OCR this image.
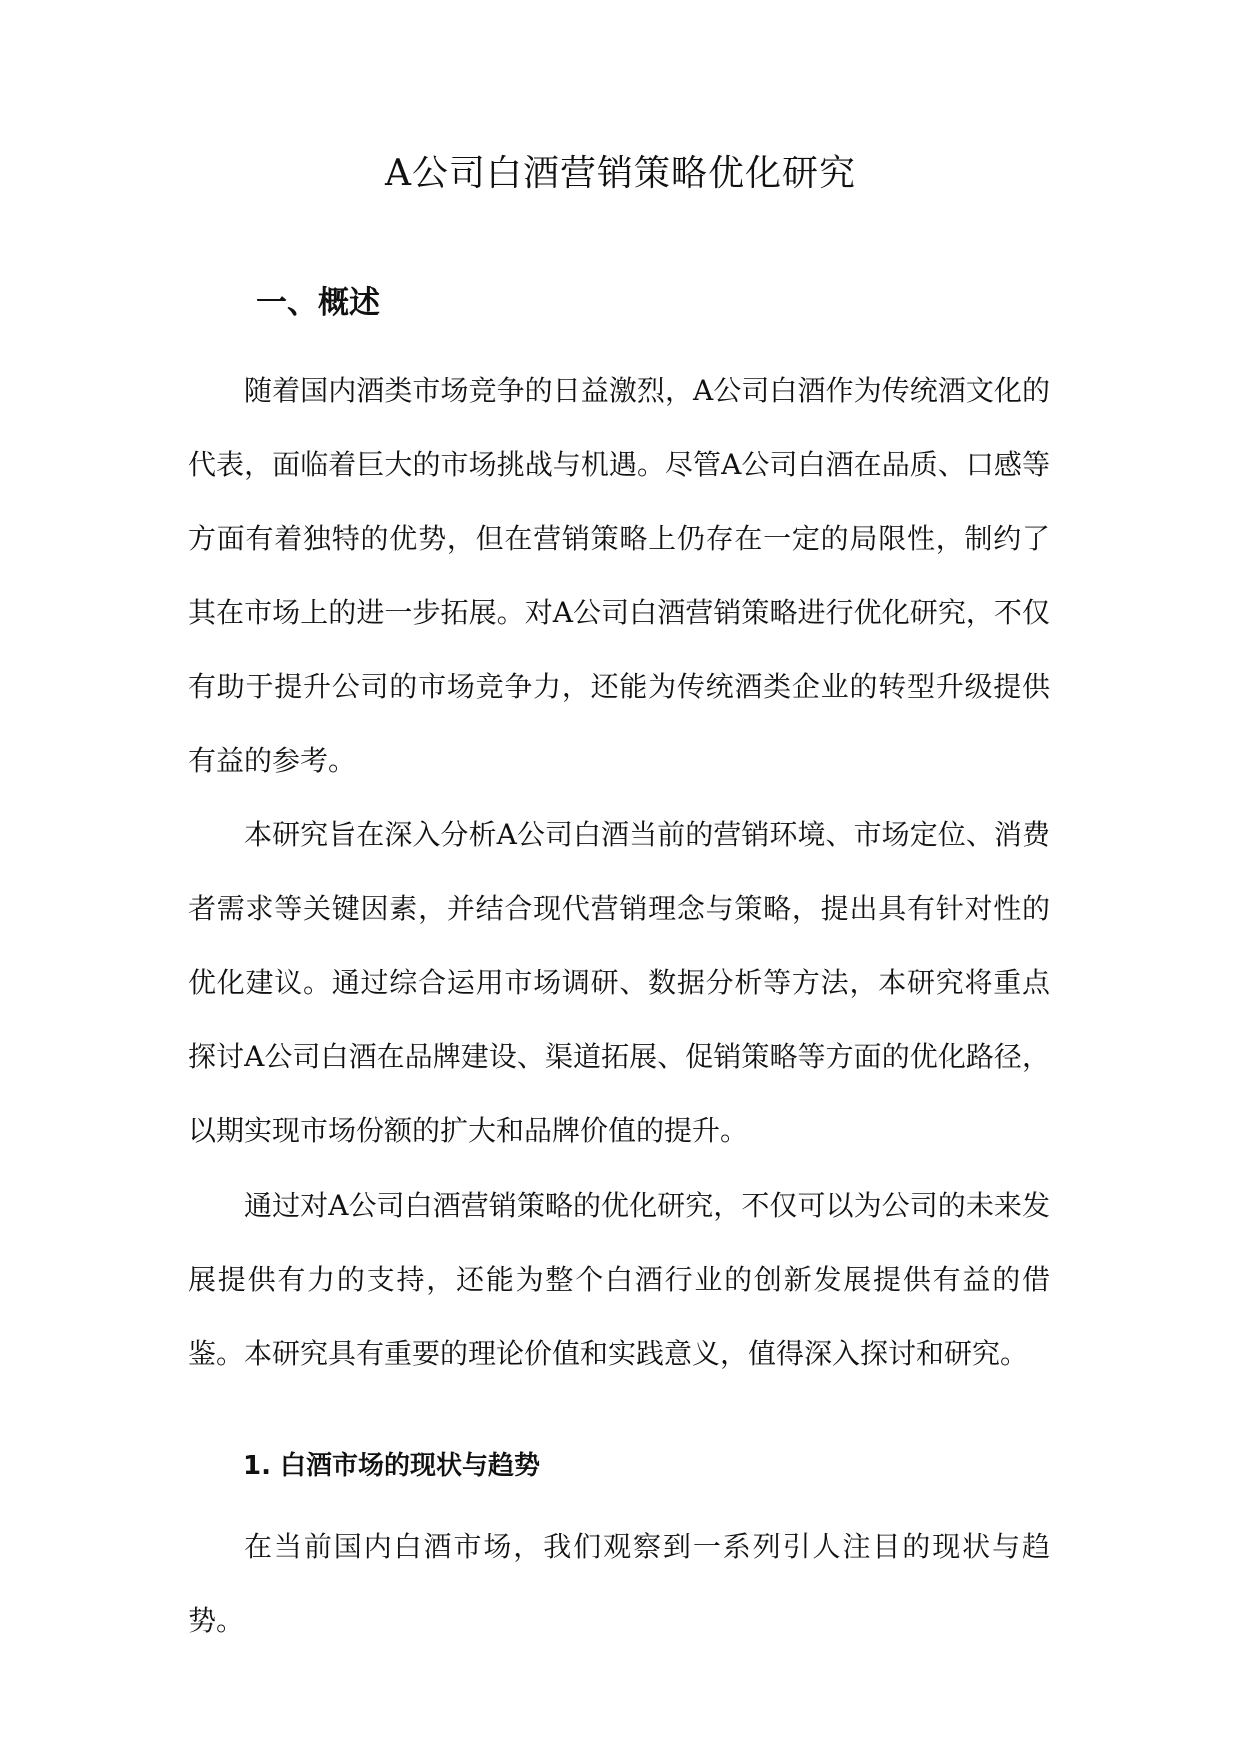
A公司白酒营销策略优化研究
一、概述

随着国内酒类市场竞争的日益激烈，A公司白酒作为传统酒文化的代表，面临着巨大的市场挑战与机遇。尽管A公司白酒在品质、口感等方面有着独特的优势，但在营销策略上仍存在一定的局限性，制约了其在市场上的进一步拓展。对A公司白酒营销策略进行优化研究，不仅有助于提升公司的市场竞争力，还能为传统酒类企业的转型升级提供有益的参考。

本研究旨在深入分析A公司白酒当前的营销环境、市场定位、消费者需求等关键因素，并结合现代营销理念与策略，提出具有针对性的优化建议。通过综合运用市场调研、数据分析等方法，本研究将重点探讨A公司白酒在品牌建设、渠道拓展、促销策略等方面的优化路径，以期实现市场份额的扩大和品牌价值的提升。

通过对A公司白酒营销策略的优化研究，不仅可以为公司的未来发展提供有力的支持，还能为整个白酒行业的创新发展提供有益的借鉴。本研究具有重要的理论价值和实践意义，值得深入探讨和研究。

1. 白酒市场的现状与趋势

在当前国内白酒市场，我们观察到一系列引人注目的现状与趋势。
